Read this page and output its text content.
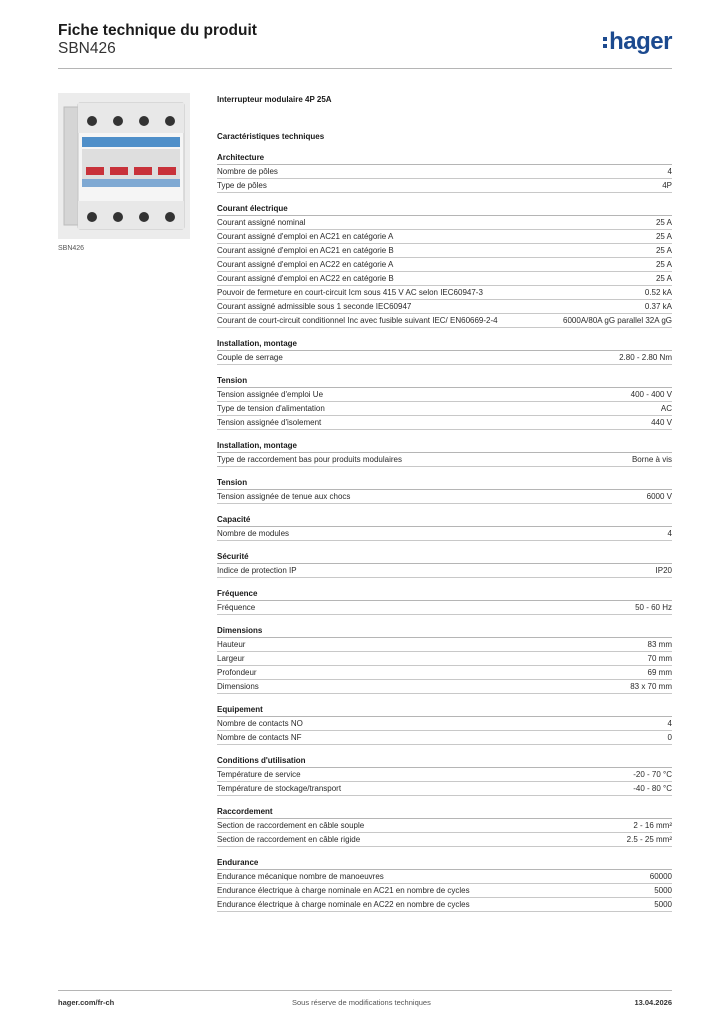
Fiche technique du produit
SBN426	hager
SBN426
Interrupteur modulaire 4P 25A
Caractéristiques techniques
Architecture
Nombre de pôles	4
Type de pôles	4P
Courant électrique
Courant assigné nominal	25 A
Courant assigné d'emploi en AC21 en catégorie A	25 A
Courant assigné d'emploi en AC21 en catégorie B	25 A
Courant assigné d'emploi en AC22 en catégorie A	25 A
Courant assigné d'emploi en AC22 en catégorie B	25 A
Pouvoir de fermeture en court-circuit Icm sous 415 V AC selon IEC60947-3	0.52 kA
Courant assigné admissible sous 1 seconde IEC60947	0.37 kA
Courant de court-circuit conditionnel Inc avec fusible suivant IEC/ EN60669-2-4	6000A/80A gG parallel 32A gG
Installation, montage
Couple de serrage	2.80 - 2.80 Nm
Tension
Tension assignée d'emploi Ue	400 - 400 V
Type de tension d'alimentation	AC
Tension assignée d'isolement	440 V
Installation, montage
Type de raccordement bas pour produits modulaires	Borne à vis
Tension
Tension assignée de tenue aux chocs	6000 V
Capacité
Nombre de modules	4
Sécurité
Indice de protection IP	IP20
Fréquence
Fréquence	50 - 60 Hz
Dimensions
Hauteur	83 mm
Largeur	70 mm
Profondeur	69 mm
Dimensions	83 x 70 mm
Equipement
Nombre de contacts NO	4
Nombre de contacts NF	0
Conditions d'utilisation
Température de service	-20 - 70 °C
Température de stockage/transport	-40 - 80 °C
Raccordement
Section de raccordement en câble souple	2 - 16 mm²
Section de raccordement en câble rigide	2.5 - 25 mm²
Endurance
Endurance mécanique nombre de manoeuvres	60000
Endurance électrique à charge nominale en AC21 en nombre de cycles	5000
Endurance électrique à charge nominale en AC22 en nombre de cycles	5000
hager.com/fr-ch	Sous réserve de modifications techniques	13.04.2026
